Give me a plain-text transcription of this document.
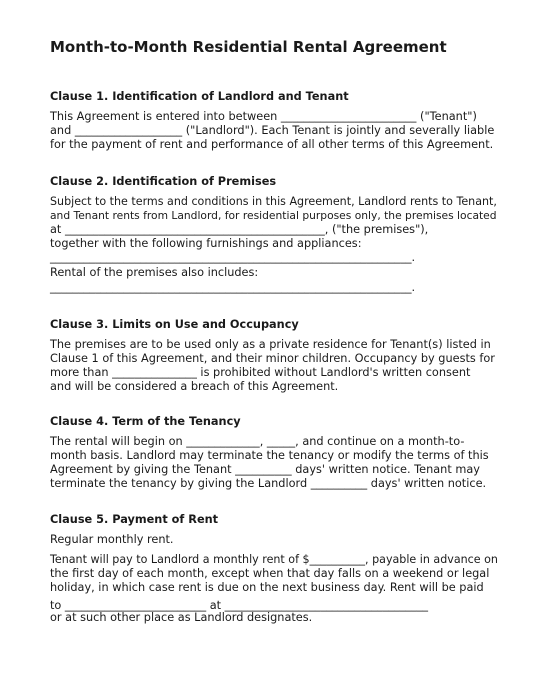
Month-to-Month Residential Rental Agreement
Clause 1. Identification of Landlord and Tenant

This Agreement is entered into between ________________________ ("Tenant")

and ___________________ ("Landlord"). Each Tenant is jointly and severally liable

for the payment of rent and performance of all other terms of this Agreement.

Clause 2. Identification of Premises

Subject to the terms and conditions in this Agreement, Landlord rents to Tenant,

and Tenant rents from Landlord, for residential purposes only, the premises located

at ______________________________________________, ("the premises"),

together with the following furnishings and appliances:

________________________________________________________________.

Rental of the premises also includes:

________________________________________________________________.

Clause 3. Limits on Use and Occupancy

The premises are to be used only as a private residence for Tenant(s) listed in

Clause 1 of this Agreement, and their minor children. Occupancy by guests for

more than _______________ is prohibited without Landlord's written consent

and will be considered a breach of this Agreement.

Clause 4. Term of the Tenancy

The rental will begin on _____________, _____, and continue on a month-to-

month basis. Landlord may terminate the tenancy or modify the terms of this

Agreement by giving the Tenant __________ days' written notice. Tenant may

terminate the tenancy by giving the Landlord __________ days' written notice.

Clause 5. Payment of Rent

Regular monthly rent.

Tenant will pay to Landlord a monthly rent of $__________, payable in advance on

the first day of each month, except when that day falls on a weekend or legal

holiday, in which case rent is due on the next business day. Rent will be paid

to _________________________ at ____________________________________

or at such other place as Landlord designates.
